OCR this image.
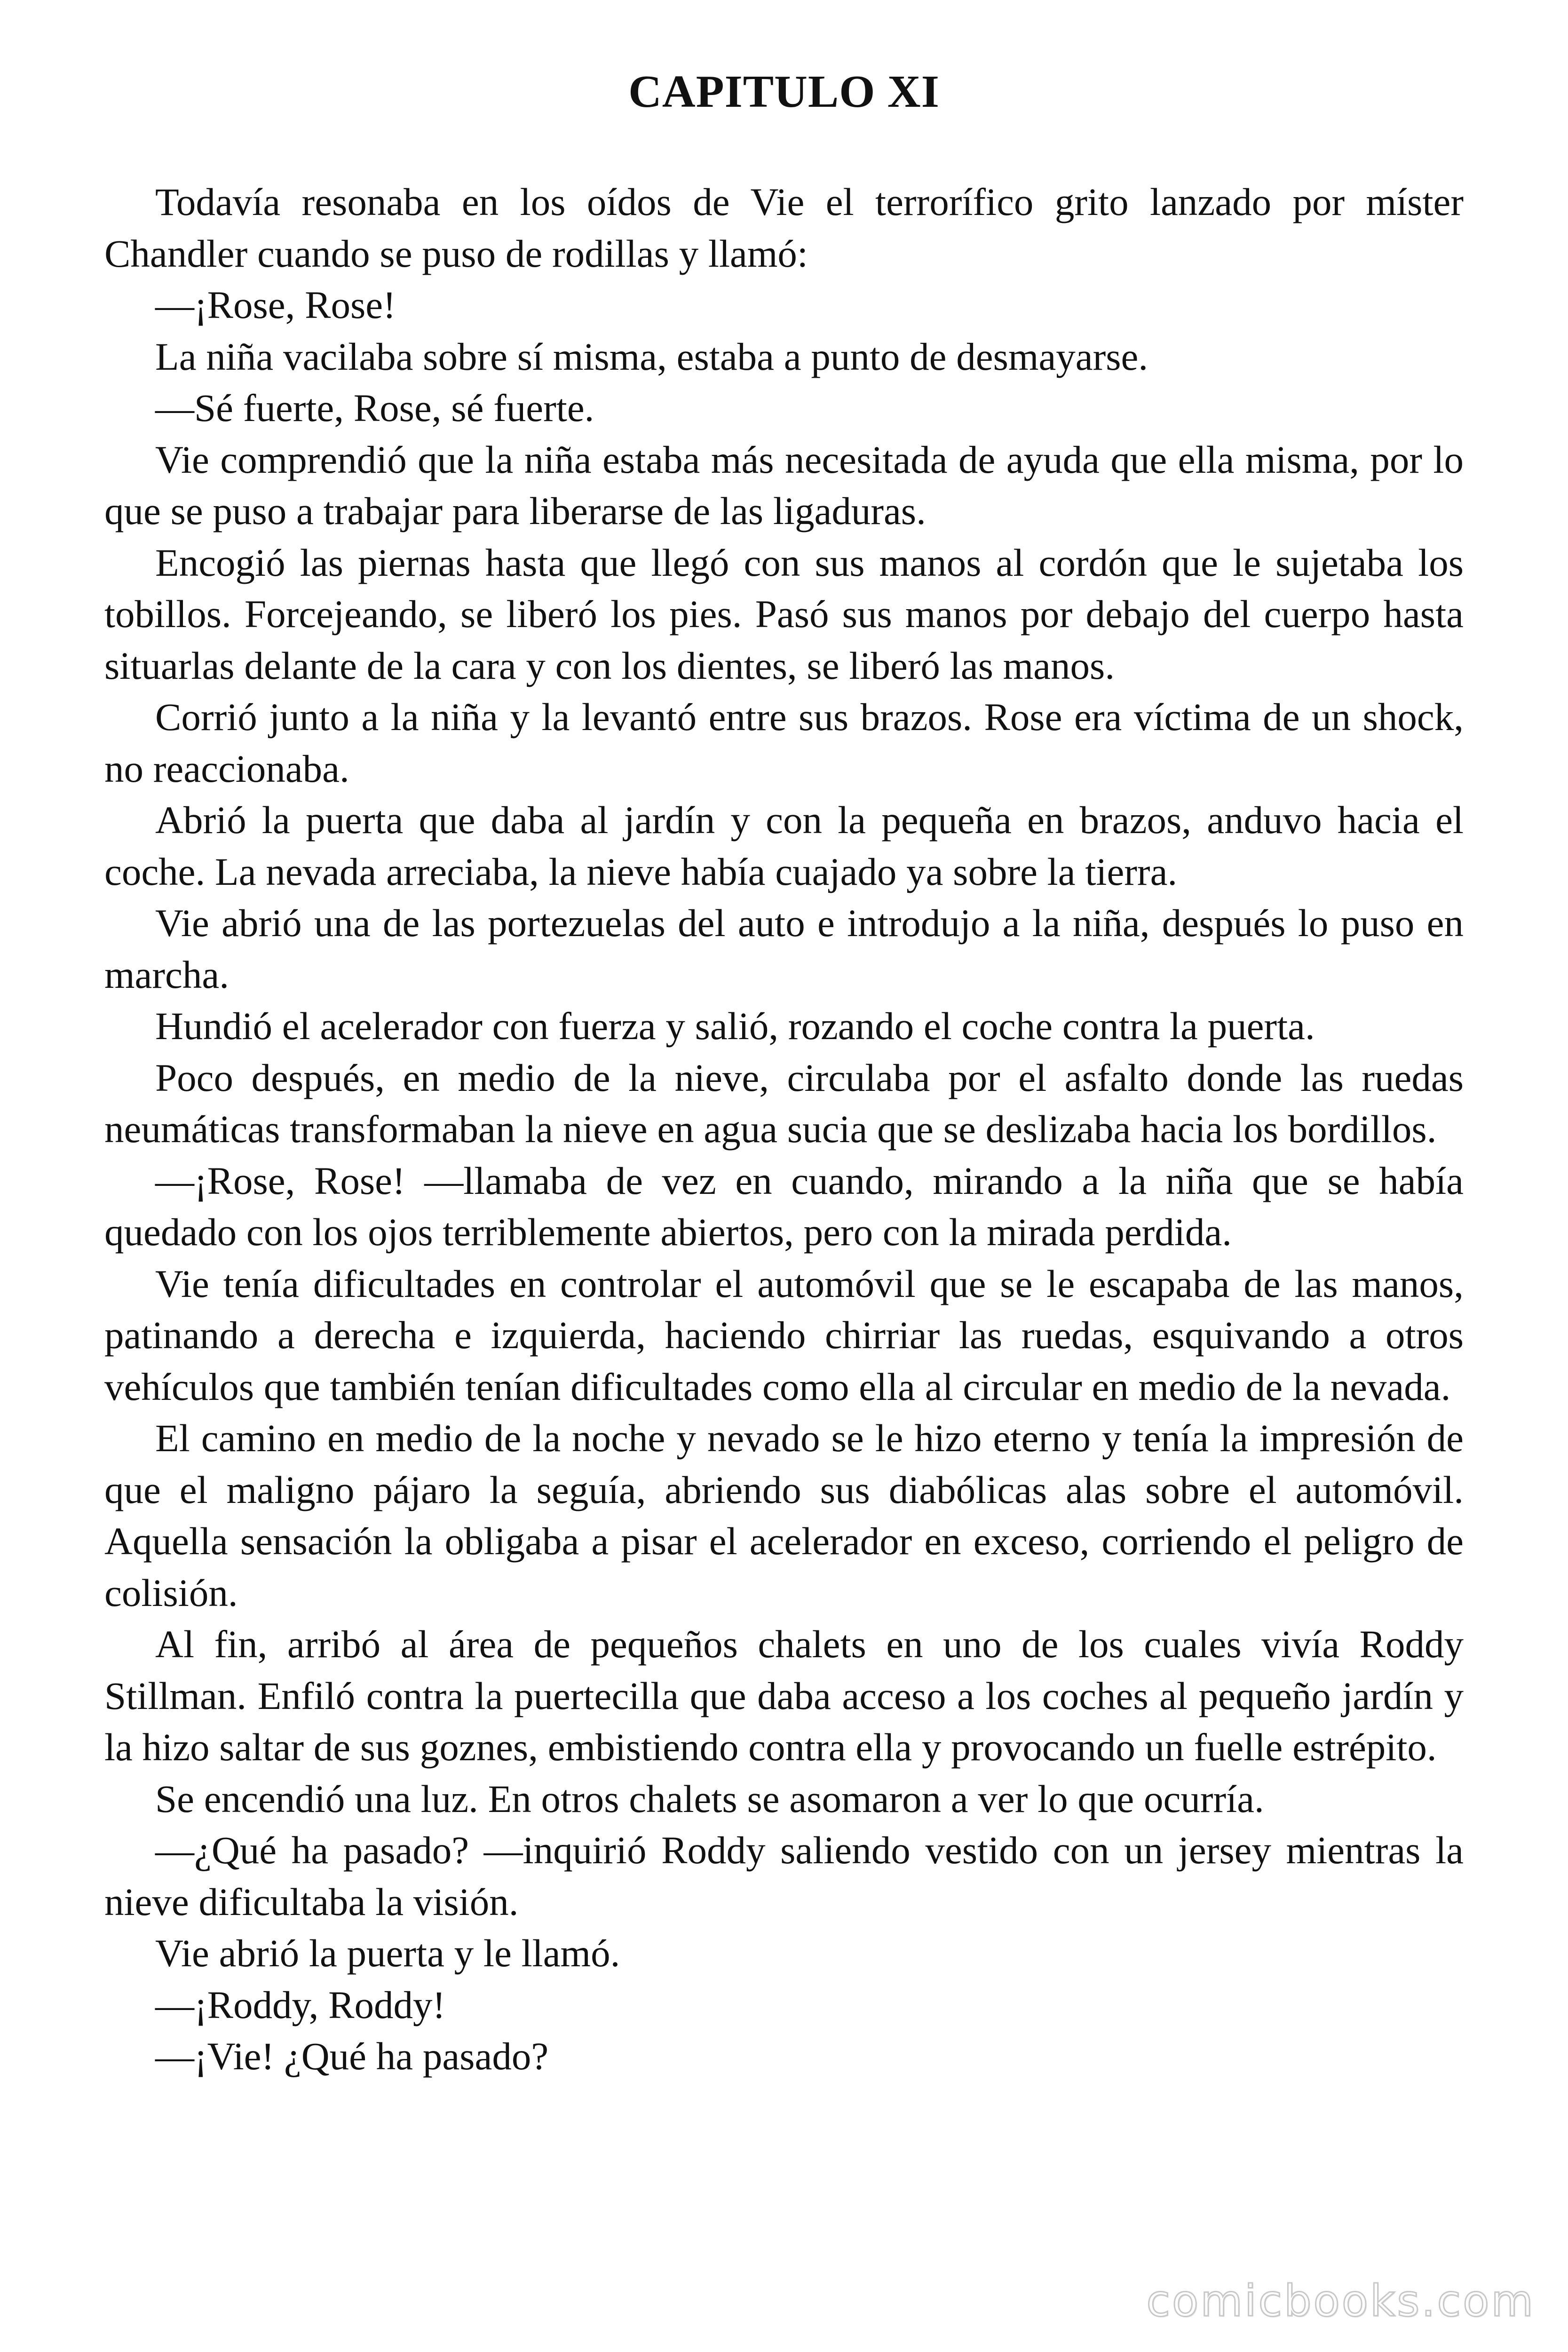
CAPITULO XI

Todavía resonaba en los oídos de Vie el terrorífico grito lanzado por míster Chandler cuando se puso de rodillas y llamó:

—¡Rose, Rose!

La niña vacilaba sobre sí misma, estaba a punto de desmayarse.

—Sé fuerte, Rose, sé fuerte.

Vie comprendió que la niña estaba más necesitada de ayuda que ella misma, por lo que se puso a trabajar para liberarse de las ligaduras.

Encogió las piernas hasta que llegó con sus manos al cordón que le sujetaba los tobillos. Forcejeando, se liberó los pies. Pasó sus manos por debajo del cuerpo hasta situarlas delante de la cara y con los dientes, se liberó las manos.

Corrió junto a la niña y la levantó entre sus brazos. Rose era víctima de un shock, no reaccionaba.

Abrió la puerta que daba al jardín y con la pequeña en brazos, anduvo hacia el coche. La nevada arreciaba, la nieve había cuajado ya sobre la tierra.

Vie abrió una de las portezuelas del auto e introdujo a la niña, después lo puso en marcha.

Hundió el acelerador con fuerza y salió, rozando el coche contra la puerta.

Poco después, en medio de la nieve, circulaba por el asfalto donde las ruedas neumáticas transformaban la nieve en agua sucia que se deslizaba hacia los bordillos.

—¡Rose, Rose! —llamaba de vez en cuando, mirando a la niña que se había quedado con los ojos terriblemente abiertos, pero con la mirada perdida.

Vie tenía dificultades en controlar el automóvil que se le escapaba de las manos, patinando a derecha e izquierda, haciendo chirriar las ruedas, esquivando a otros vehículos que también tenían dificultades como ella al circular en medio de la nevada.

El camino en medio de la noche y nevado se le hizo eterno y tenía la impresión de que el maligno pájaro la seguía, abriendo sus diabólicas alas sobre el automóvil. Aquella sensación la obligaba a pisar el acelerador en exceso, corriendo el peligro de colisión.

Al fin, arribó al área de pequeños chalets en uno de los cuales vivía Roddy Stillman. Enfiló contra la puertecilla que daba acceso a los coches al pequeño jardín y la hizo saltar de sus goznes, embistiendo contra ella y provocando un fuelle estrépito.

Se encendió una luz. En otros chalets se asomaron a ver lo que ocurría.

—¿Qué ha pasado? —inquirió Roddy saliendo vestido con un jersey mientras la nieve dificultaba la visión.

Vie abrió la puerta y le llamó.

—¡Roddy, Roddy!

—¡Vie! ¿Qué ha pasado?

comicbooks.com
